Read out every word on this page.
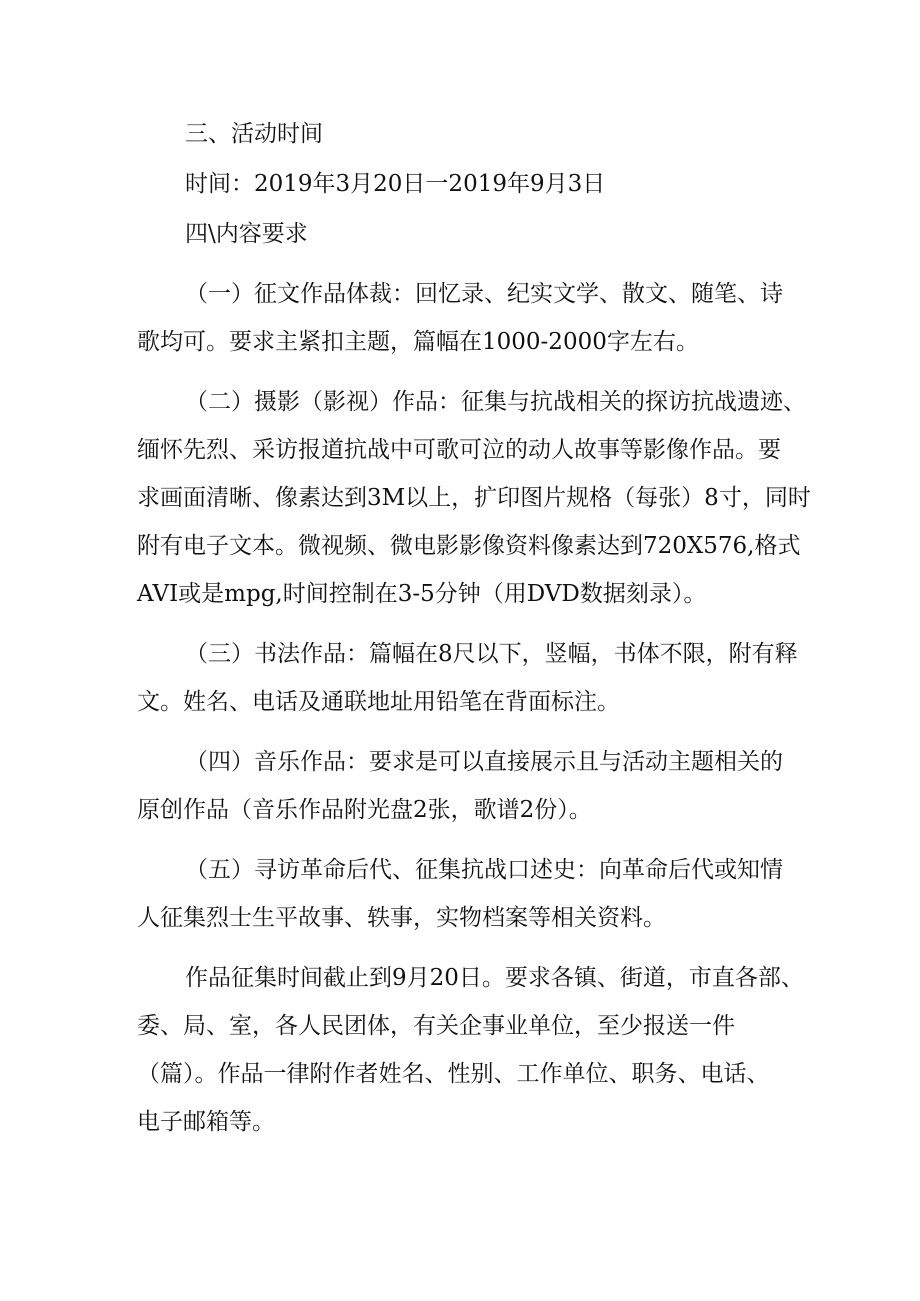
三、活动时间
时间：2019年3月20日一2019年9月3日
四\内容要求
（一）征文作品体裁：回忆录、纪实文学、散文、随笔、诗
歌均可。要求主紧扣主题，篇幅在1000-2000字左右。
（二）摄影（影视）作品：征集与抗战相关的探访抗战遗迹、
缅怀先烈、采访报道抗战中可歌可泣的动人故事等影像作品。要
求画面清晰、像素达到3M以上，扩印图片规格（每张）8寸，同时
附有电子文本。微视频、微电影影像资料像素达到720X576,格式
AVI或是mpg,时间控制在3-5分钟（用DVD数据刻录）。
（三）书法作品：篇幅在8尺以下，竖幅，书体不限，附有释
文。姓名、电话及通联地址用铅笔在背面标注。
（四）音乐作品：要求是可以直接展示且与活动主题相关的
原创作品（音乐作品附光盘2张，歌谱2份）。
（五）寻访革命后代、征集抗战口述史：向革命后代或知情
人征集烈士生平故事、轶事，实物档案等相关资料。
作品征集时间截止到9月20日。要求各镇、街道，市直各部、
委、局、室，各人民团体，有关企事业单位，至少报送一件
（篇）。作品一律附作者姓名、性别、工作单位、职务、电话、
电子邮箱等。
